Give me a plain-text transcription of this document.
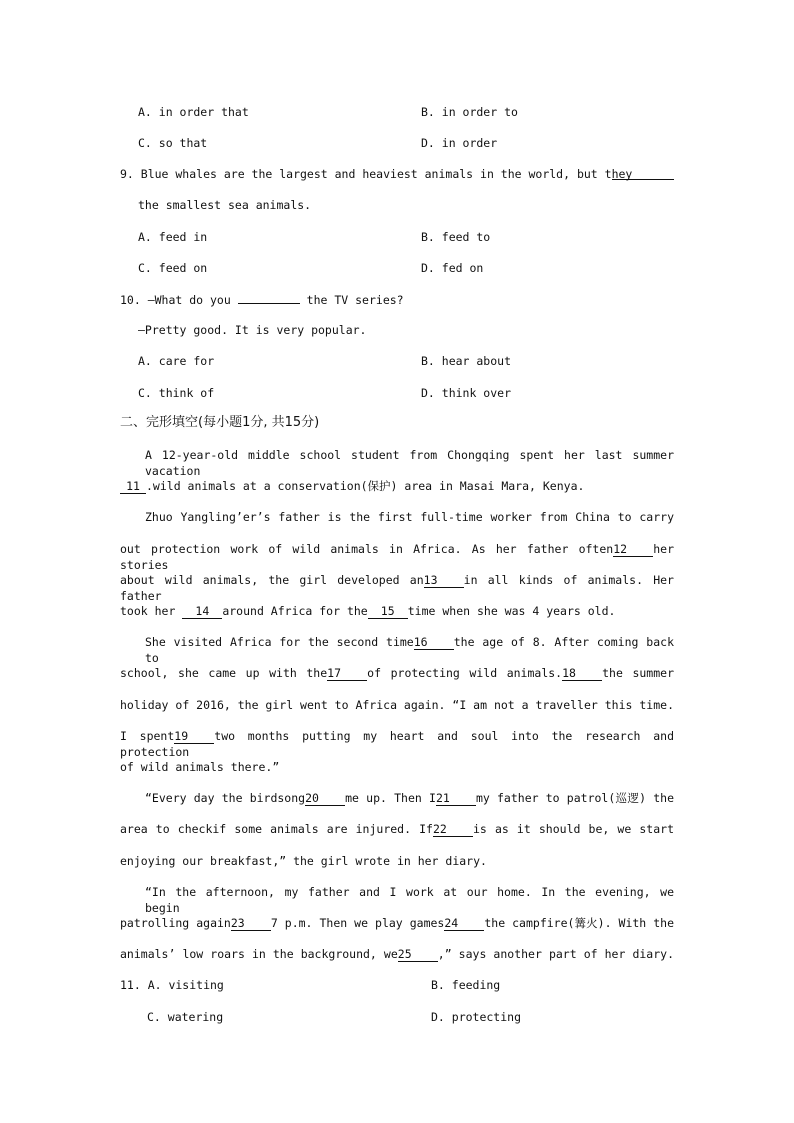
A. in order that	B. in order to
C. so that	D. in order
9. Blue whales are the largest and heaviest animals in the world, but they
the smallest sea animals.
A. feed in	B. feed to
C. feed on	D. fed on
10. —What do you	the TV series?
—Pretty good. It is very popular.
A. care for	B. hear about
C. think of	D. think over
二、完形填空(每小题1分, 共15分)
A 12-year-old middle school student from Chongqing spent her last summer vacation
11 .wild animals at a conservation(保护) area in Masai Mara, Kenya.
Zhuo Yangling’er’s father is the first full-time worker from China to carry
out protection work of wild animals in Africa. As her father often12 her stories
about wild animals, the girl developed an13 in all kinds of animals. Her father
took her 14 around Africa for the 15 time when she was 4 years old.
She visited Africa for the second time16 the age of 8. After coming back to
school, she came up with the17 of protecting wild animals.18 the summer
holiday of 2016, the girl went to Africa again. “I am not a traveller this time.
I spent19 two months putting my heart and soul into the research and protection
of wild animals there.”
“Every day the birdsong20 me up. Then I21 my father to patrol(巡逻) the
area to checkif some animals are injured. If22 is as it should be, we start
enjoying our breakfast,” the girl wrote in her diary.
“In the afternoon, my father and I work at our home. In the evening, we begin
patrolling again23 7 p.m. Then we play games24 the campfire(篝火). With the
animals’ low roars in the background, we25 ,” says another part of her diary.
11. A. visiting	B. feeding
C. watering	D. protecting
